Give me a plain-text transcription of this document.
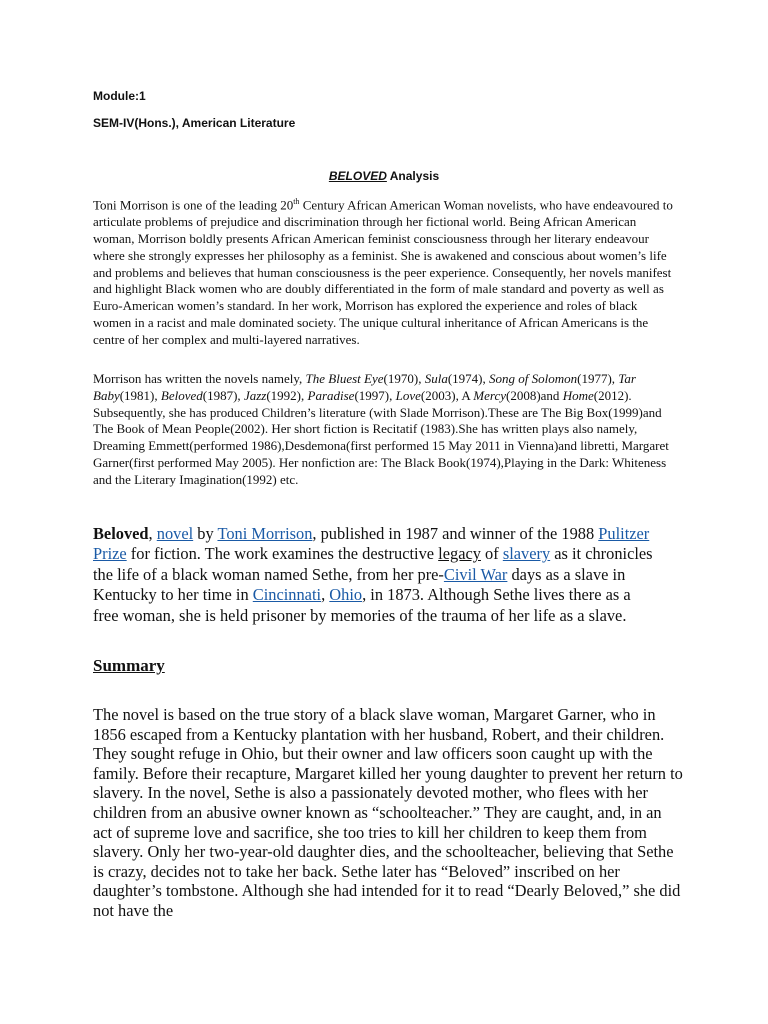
Module:1
SEM-IV(Hons.), American Literature
BELOVED Analysis

Toni Morrison is one of the leading 20th Century African American Woman novelists, who have endeavoured to articulate problems of prejudice and discrimination through her fictional world. Being African American woman, Morrison boldly presents African American feminist consciousness through her literary endeavour where she strongly expresses her philosophy as a feminist. She is awakened and conscious about women’s life and problems and believes that human consciousness is the peer experience. Consequently, her novels manifest and highlight Black women who are doubly differentiated in the form of male standard and poverty as well as Euro-American women’s standard. In her work, Morrison has explored the experience and roles of black women in a racist and male dominated society. The unique cultural inheritance of African Americans is the centre of her complex and multi-layered narratives.

Morrison has written the novels namely, The Bluest Eye(1970), Sula(1974), Song of Solomon(1977), Tar Baby(1981), Beloved(1987), Jazz(1992), Paradise(1997), Love(2003), A Mercy(2008)and Home(2012). Subsequently, she has produced Children’s literature (with Slade Morrison).These are The Big Box(1999)and The Book of Mean People(2002). Her short fiction is Recitatif (1983).She has written plays also namely, Dreaming Emmett(performed 1986),Desdemona(first performed 15 May 2011 in Vienna)and libretti, Margaret Garner(first performed May 2005). Her nonfiction are: The Black Book(1974),Playing in the Dark: Whiteness and the Literary Imagination(1992) etc.

Beloved, novel by Toni Morrison, published in 1987 and winner of the 1988 Pulitzer Prize for fiction. The work examines the destructive legacy of slavery as it chronicles the life of a black woman named Sethe, from her pre-Civil War days as a slave in Kentucky to her time in Cincinnati, Ohio, in 1873. Although Sethe lives there as a free woman, she is held prisoner by memories of the trauma of her life as a slave.

Summary

The novel is based on the true story of a black slave woman, Margaret Garner, who in 1856 escaped from a Kentucky plantation with her husband, Robert, and their children. They sought refuge in Ohio, but their owner and law officers soon caught up with the family. Before their recapture, Margaret killed her young daughter to prevent her return to slavery. In the novel, Sethe is also a passionately devoted mother, who flees with her children from an abusive owner known as “schoolteacher.” They are caught, and, in an act of supreme love and sacrifice, she too tries to kill her children to keep them from slavery. Only her two-year-old daughter dies, and the schoolteacher, believing that Sethe is crazy, decides not to take her back. Sethe later has “Beloved” inscribed on her daughter’s tombstone. Although she had intended for it to read “Dearly Beloved,” she did not have the
